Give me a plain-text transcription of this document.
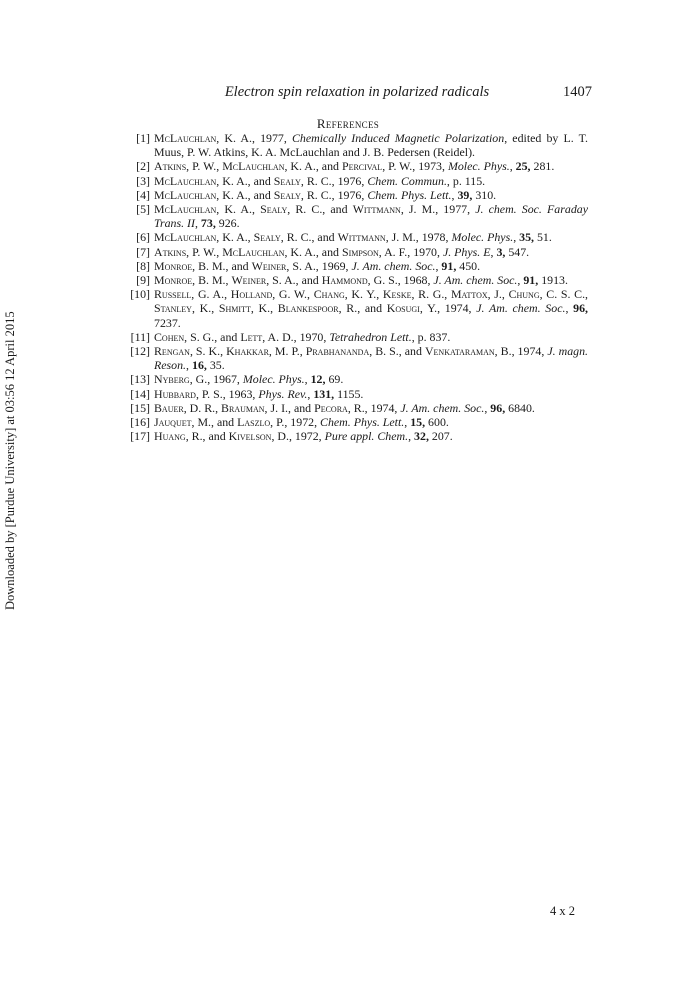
Electron spin relaxation in polarized radicals	1407
References
[1] McLauchlan, K. A., 1977, Chemically Induced Magnetic Polarization, edited by L. T. Muus, P. W. Atkins, K. A. McLauchlan and J. B. Pedersen (Reidel).
[2] Atkins, P. W., McLauchlan, K. A., and Percival, P. W., 1973, Molec. Phys., 25, 281.
[3] McLauchlan, K. A., and Sealy, R. C., 1976, Chem. Commun., p. 115.
[4] McLauchlan, K. A., and Sealy, R. C., 1976, Chem. Phys. Lett., 39, 310.
[5] McLauchlan, K. A., Sealy, R. C., and Wittmann, J. M., 1977, J. chem. Soc. Faraday Trans. II, 73, 926.
[6] McLauchlan, K. A., Sealy, R. C., and Wittmann, J. M., 1978, Molec. Phys., 35, 51.
[7] Atkins, P. W., McLauchlan, K. A., and Simpson, A. F., 1970, J. Phys. E, 3, 547.
[8] Monroe, B. M., and Weiner, S. A., 1969, J. Am. chem. Soc., 91, 450.
[9] Monroe, B. M., Weiner, S. A., and Hammond, G. S., 1968, J. Am. chem. Soc., 91, 1913.
[10] Russell, G. A., Holland, G. W., Chang, K. Y., Keske, R. G., Mattox, J., Chung, C. S. C., Stanley, K., Shmitt, K., Blankespoor, R., and Kosugi, Y., 1974, J. Am. chem. Soc., 96, 7237.
[11] Cohen, S. G., and Lett, A. D., 1970, Tetrahedron Lett., p. 837.
[12] Rengan, S. K., Khakkar, M. P., Prabhananda, B. S., and Venkataraman, B., 1974, J. magn. Reson., 16, 35.
[13] Nyberg, G., 1967, Molec. Phys., 12, 69.
[14] Hubbard, P. S., 1963, Phys. Rev., 131, 1155.
[15] Bauer, D. R., Brauman, J. I., and Pecora, R., 1974, J. Am. chem. Soc., 96, 6840.
[16] Jauquet, M., and Laszlo, P., 1972, Chem. Phys. Lett., 15, 600.
[17] Huang, R., and Kivelson, D., 1972, Pure appl. Chem., 32, 207.
Downloaded by [Purdue University] at 03:56 12 April 2015
4 x 2
